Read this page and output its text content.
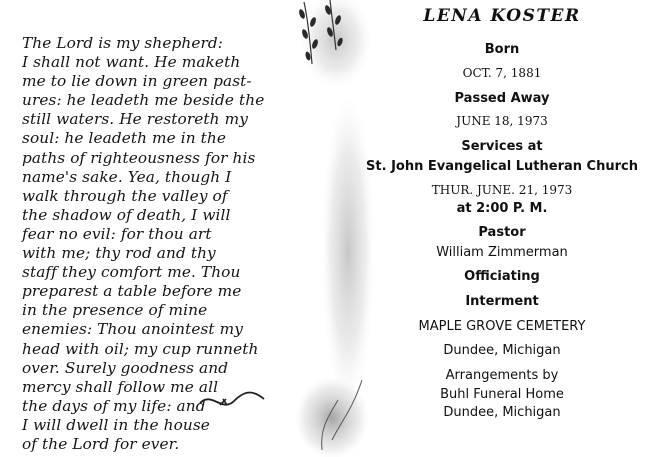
The Lord is my shepherd:
I shall not want. He maketh
me to lie down in green past-
ures: he leadeth me beside the
still waters. He restoreth my
soul: he leadeth me in the
paths of righteousness for his
name's sake. Yea, though I
walk through the valley of
the shadow of death, I will
fear no evil: for thou art
with me; thy rod and thy
staff they comfort me. Thou
preparest a table before me
in the presence of mine
enemies: Thou anointest my
head with oil; my cup runneth
over. Surely goodness and
mercy shall follow me all
the days of my life: and
I will dwell in the house
of the Lord for ever.
LENA KOSTER
Born
OCT. 7, 1881
Passed Away
JUNE 18, 1973
Services at
St. John Evangelical Lutheran Church
THUR. JUNE. 21, 1973
at 2:00 P. M.
Pastor
William Zimmerman
Officiating
Interment
MAPLE GROVE CEMETERY
Dundee, Michigan
Arrangements by
Buhl Funeral Home
Dundee, Michigan
